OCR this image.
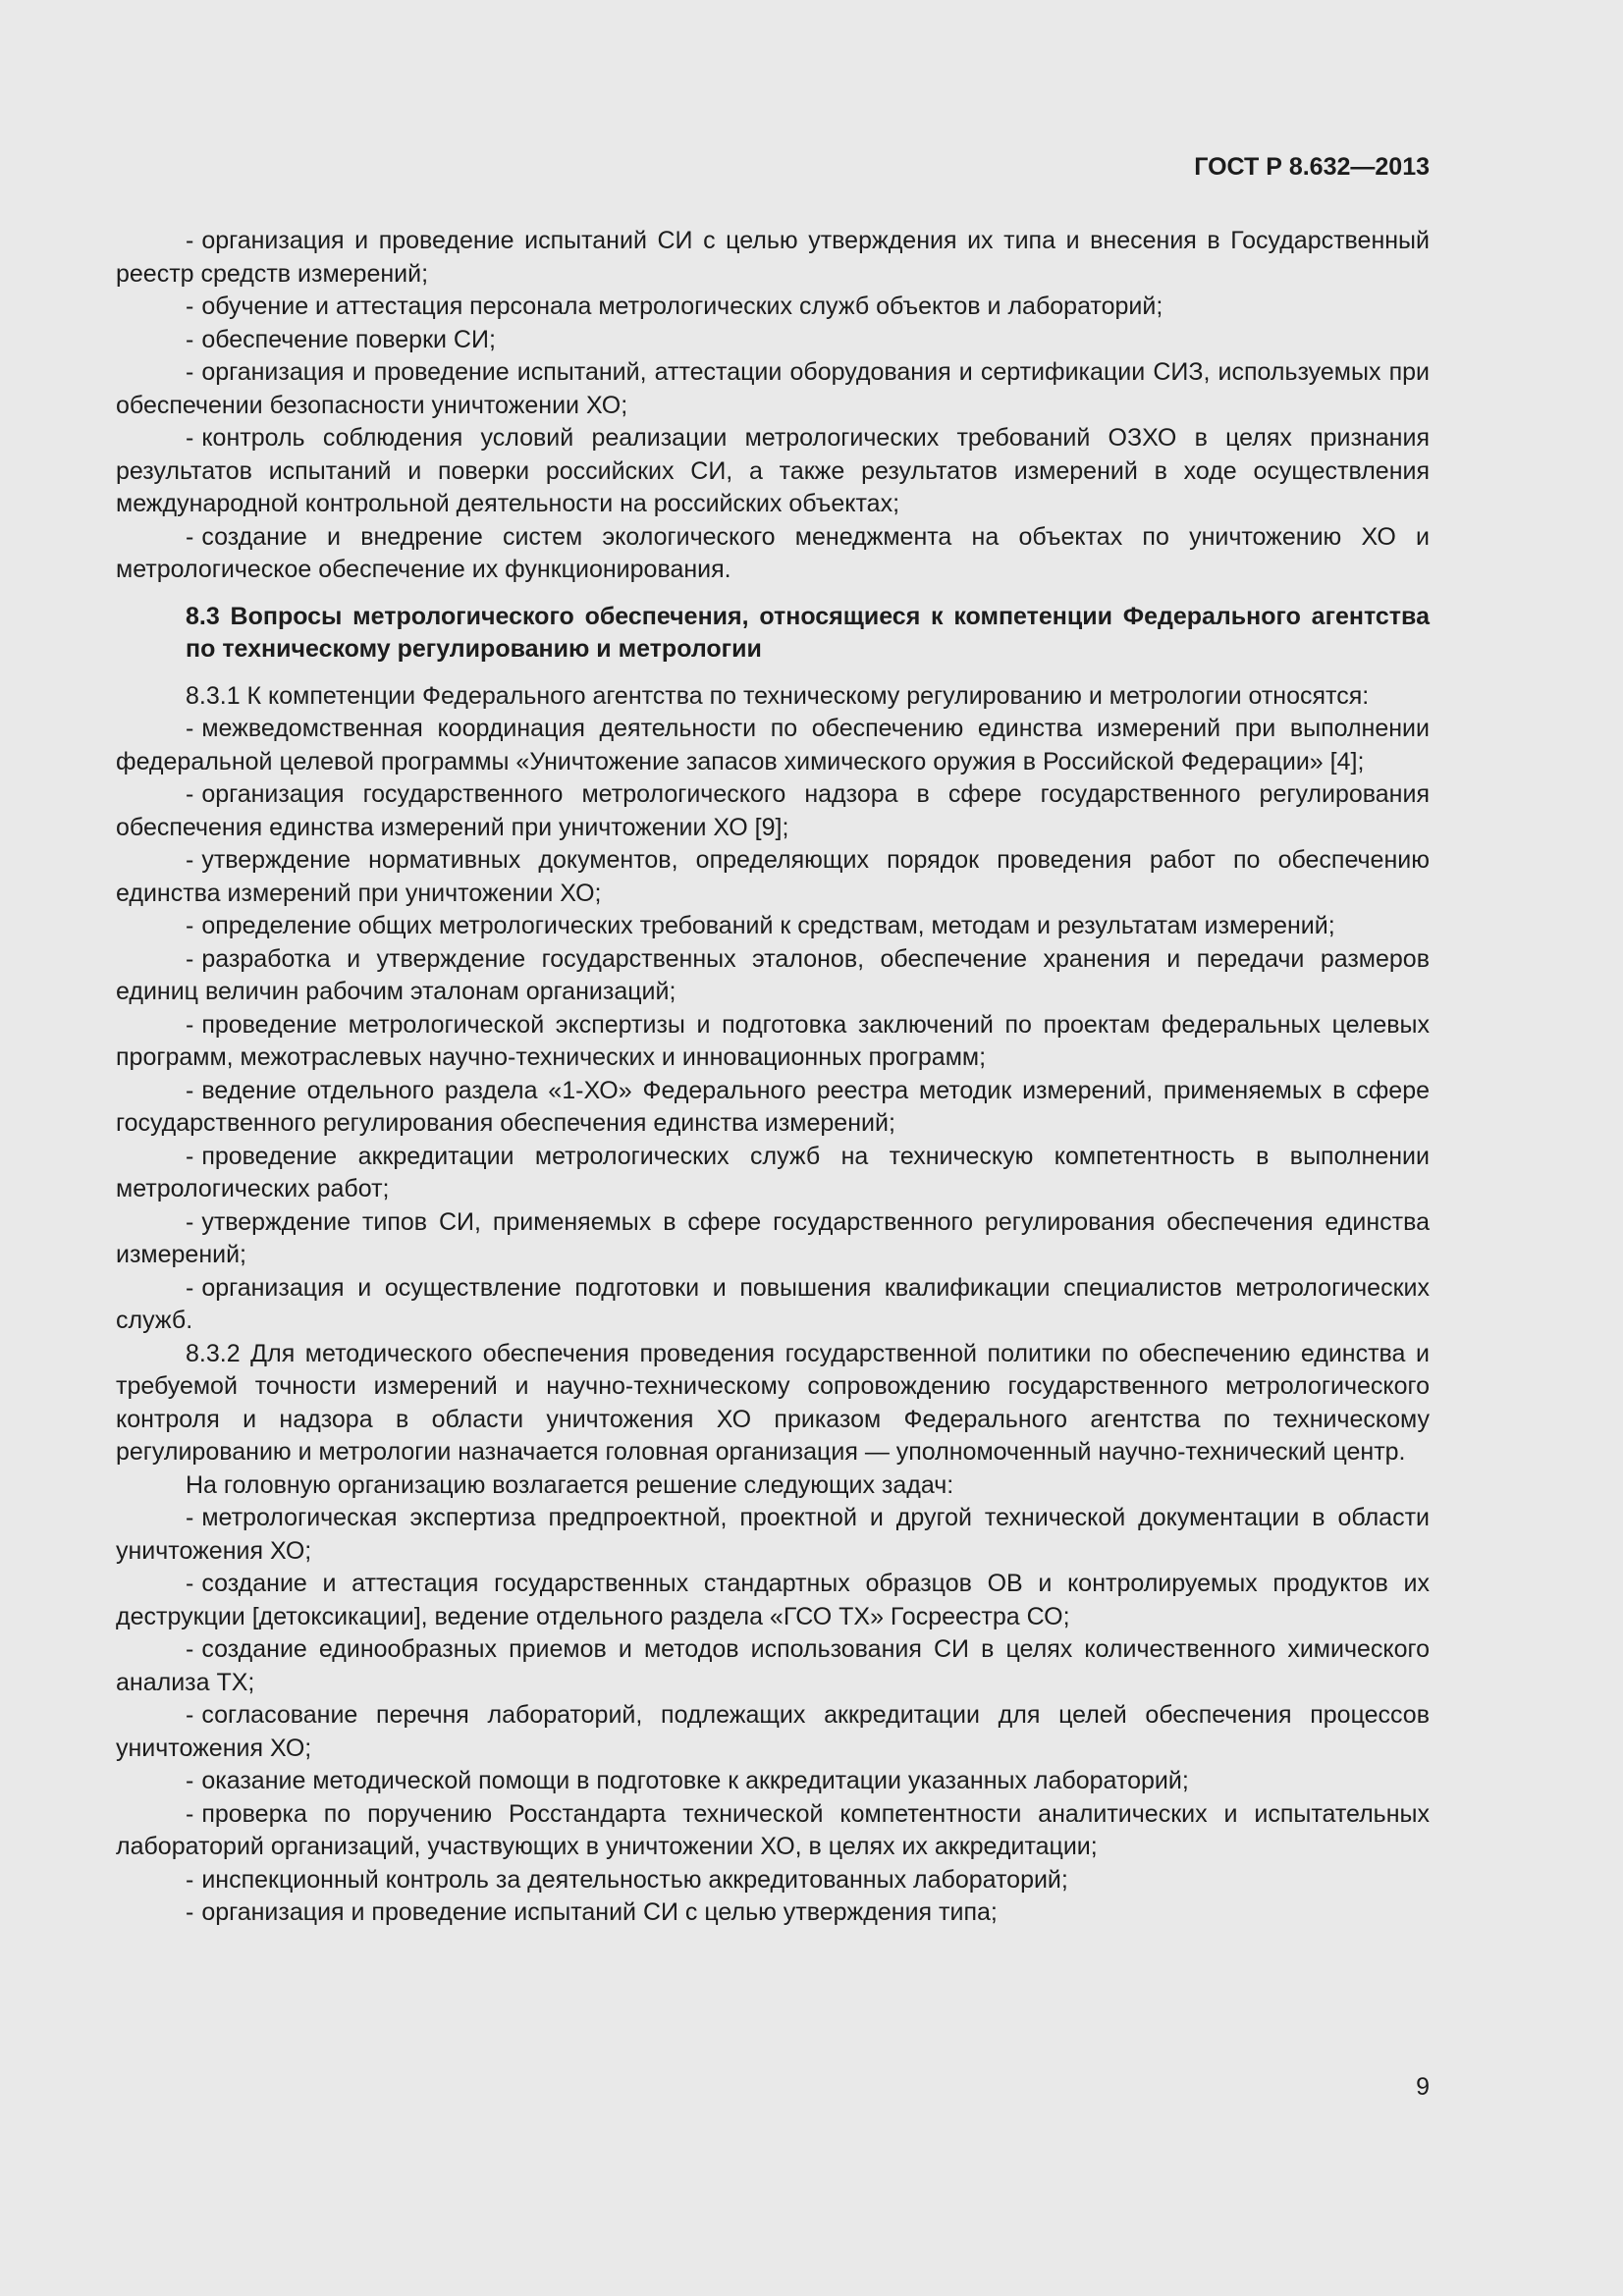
ГОСТ Р 8.632—2013

- организация и проведение испытаний СИ с целью утверждения их типа и внесения в Государственный реестр средств измерений;

- обучение и аттестация персонала метрологических служб объектов и лабораторий;

- обеспечение поверки СИ;

- организация и проведение испытаний, аттестации оборудования и сертификации СИЗ, используемых при обеспечении безопасности уничтожении ХО;

- контроль соблюдения условий реализации метрологических требований ОЗХО в целях признания результатов испытаний и поверки российских СИ, а также результатов измерений в ходе осуществления международной контрольной деятельности на российских объектах;

- создание и внедрение систем экологического менеджмента на объектах по уничтожению ХО и метрологическое обеспечение их функционирования.

8.3 Вопросы метрологического обеспечения, относящиеся к компетенции Федерального агентства по техническому регулированию и метрологии

8.3.1 К компетенции Федерального агентства по техническому регулированию и метрологии относятся:

- межведомственная координация деятельности по обеспечению единства измерений при выполнении федеральной целевой программы «Уничтожение запасов химического оружия в Российской Федерации» [4];

- организация государственного метрологического надзора в сфере государственного регулирования обеспечения единства измерений при уничтожении ХО [9];

- утверждение нормативных документов, определяющих порядок проведения работ по обеспечению единства измерений при уничтожении ХО;

- определение общих метрологических требований к средствам, методам и результатам измерений;

- разработка и утверждение государственных эталонов, обеспечение хранения и передачи размеров единиц величин рабочим эталонам организаций;

- проведение метрологической экспертизы и подготовка заключений по проектам федеральных целевых программ, межотраслевых научно-технических и инновационных программ;

- ведение отдельного раздела «1-ХО» Федерального реестра методик измерений, применяемых в сфере государственного регулирования обеспечения единства измерений;

- проведение аккредитации метрологических служб на техническую компетентность в выполнении метрологических работ;

- утверждение типов СИ, применяемых в сфере государственного регулирования обеспечения единства измерений;

- организация и осуществление подготовки и повышения квалификации специалистов метрологических служб.

8.3.2 Для методического обеспечения проведения государственной политики по обеспечению единства и требуемой точности измерений и научно-техническому сопровождению государственного метрологического контроля и надзора в области уничтожения ХО приказом Федерального агентства по техническому регулированию и метрологии назначается головная организация — уполномоченный научно-технический центр.

На головную организацию возлагается решение следующих задач:

- метрологическая экспертиза предпроектной, проектной и другой технической документации в области уничтожения ХО;

- создание и аттестация государственных стандартных образцов ОВ и контролируемых продуктов их деструкции [детоксикации], ведение отдельного раздела «ГСО ТХ» Госреестра СО;

- создание единообразных приемов и методов использования СИ в целях количественного химического анализа ТХ;

- согласование перечня лабораторий, подлежащих аккредитации для целей обеспечения процессов уничтожения ХО;

- оказание методической помощи в подготовке к аккредитации указанных лабораторий;

- проверка по поручению Росстандарта технической компетентности аналитических и испытательных лабораторий организаций, участвующих в уничтожении ХО, в целях их аккредитации;

- инспекционный контроль за деятельностью аккредитованных лабораторий;

- организация и проведение испытаний СИ с целью утверждения типа;

9
